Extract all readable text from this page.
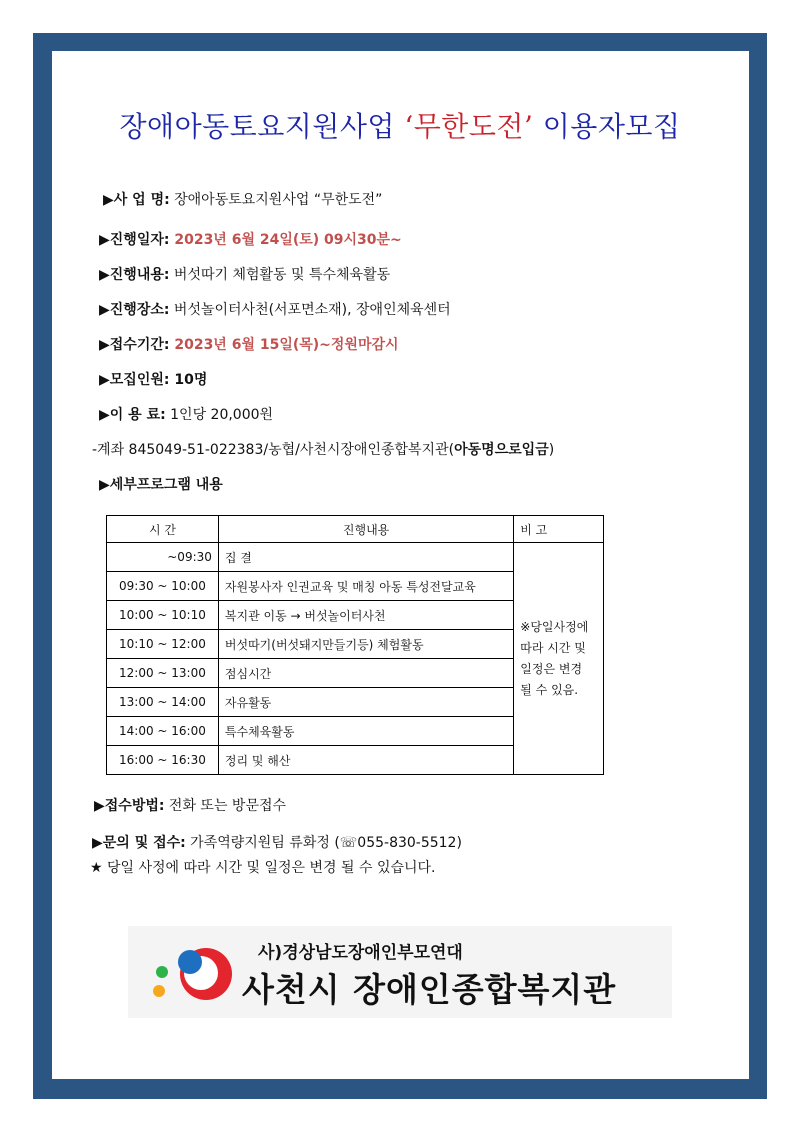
장애아동토요지원사업 ‘무한도전’ 이용자모집
▶사 업 명: 장애아동토요지원사업 “무한도전”
▶진행일자: 2023년 6월 24일(토) 09시30분~
▶진행내용: 버섯따기 체험활동 및 특수체육활동
▶진행장소: 버섯놀이터사천(서포면소재), 장애인체육센터
▶접수기간: 2023년 6월 15일(목)~정원마감시
▶모집인원: 10명
▶이 용 료: 1인당 20,000원
-계좌 845049-51-022383/농협/사천시장애인종합복지관(아동명으로입금)
▶세부프로그램 내용
시 간	진행내용	비 고
~09:30	집 결	※당일사정에
따라 시간 및
일정은 변경
될 수 있음.

09:30 ~ 10:00	자원봉사자 인권교육 및 매칭 아동 특성전달교육	
10:00 ~ 10:10	복지관 이동 → 버섯놀이터사천	
10:10 ~ 12:00	버섯따기(버섯돼지만들기등) 체험활동	
12:00 ~ 13:00	점심시간	
13:00 ~ 14:00	자유활동	
14:00 ~ 16:00	특수체육활동	
16:00 ~ 16:30	정리 및 해산	
▶접수방법: 전화 또는 방문접수
▶문의 및 접수: 가족역량지원팀 류화정 (☏055-830-5512)
★ 당일 사정에 따라 시간 및 일정은 변경 될 수 있습니다.
사)경상남도장애인부모연대
사천시 장애인종합복지관
